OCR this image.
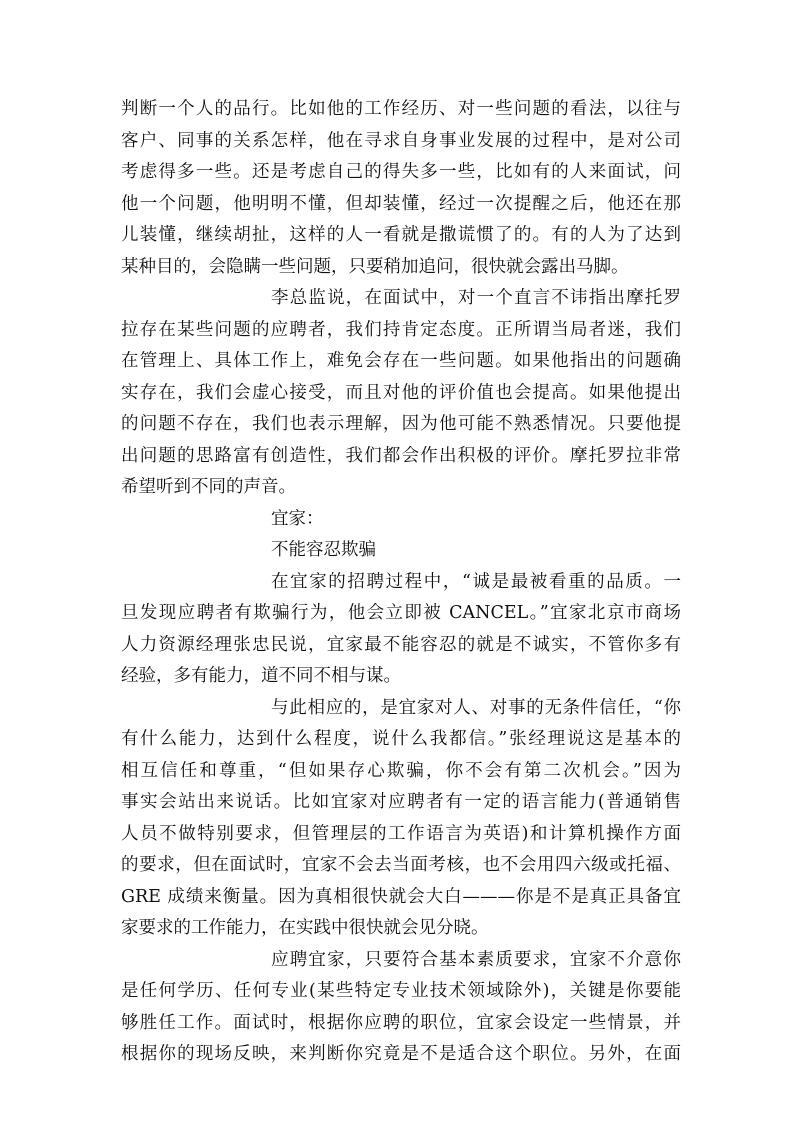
判断一个人的品行。比如他的工作经历、对一些问题的看法，以往与
客户、同事的关系怎样，他在寻求自身事业发展的过程中，是对公司
考虑得多一些。还是考虑自己的得失多一些，比如有的人来面试，问
他一个问题，他明明不懂，但却装懂，经过一次提醒之后，他还在那
儿装懂，继续胡扯，这样的人一看就是撒谎惯了的。有的人为了达到
某种目的，会隐瞒一些问题，只要稍加追问，很快就会露出马脚。
李总监说，在面试中，对一个直言不讳指出摩托罗
拉存在某些问题的应聘者，我们持肯定态度。正所谓当局者迷，我们
在管理上、具体工作上，难免会存在一些问题。如果他指出的问题确
实存在，我们会虚心接受，而且对他的评价值也会提高。如果他提出
的问题不存在，我们也表示理解，因为他可能不熟悉情况。只要他提
出问题的思路富有创造性，我们都会作出积极的评价。摩托罗拉非常
希望听到不同的声音。
宜家：
不能容忍欺骗
在宜家的招聘过程中，“诚是最被看重的品质。一
旦发现应聘者有欺骗行为，他会立即被 CANCEL。”宜家北京市商场
人力资源经理张忠民说，宜家最不能容忍的就是不诚实，不管你多有
经验，多有能力，道不同不相与谋。
与此相应的，是宜家对人、对事的无条件信任，“你
有什么能力，达到什么程度，说什么我都信。”张经理说这是基本的
相互信任和尊重，“但如果存心欺骗，你不会有第二次机会。”因为
事实会站出来说话。比如宜家对应聘者有一定的语言能力(普通销售
人员不做特别要求，但管理层的工作语言为英语)和计算机操作方面
的要求，但在面试时，宜家不会去当面考核，也不会用四六级或托福、
GRE 成绩来衡量。因为真相很快就会大白———你是不是真正具备宜
家要求的工作能力，在实践中很快就会见分晓。
应聘宜家，只要符合基本素质要求，宜家不介意你
是任何学历、任何专业(某些特定专业技术领域除外)，关键是你要能
够胜任工作。面试时，根据你应聘的职位，宜家会设定一些情景，并
根据你的现场反映，来判断你究竟是不是适合这个职位。另外，在面
